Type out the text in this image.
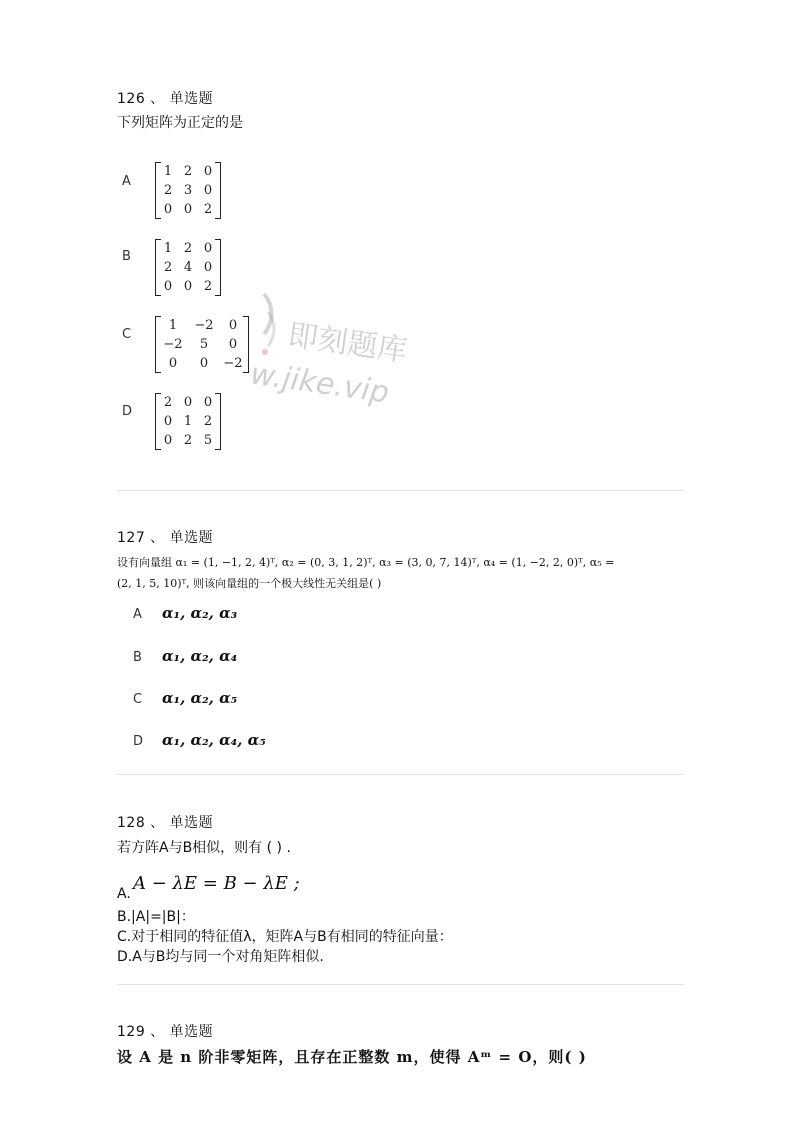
即刻题库
w.jike.vip
126 、 单选题
下列矩阵为正定的是
A
1 2 0
2 3 0
0 0 2
B
1 2 0
2 4 0
0 0 2
C
1	−2	0
−2	5	0
0	0	−2
D
2 0 0
0 1 2
0 2 5
127 、 单选题
设有向量组 α₁ = (1, −1, 2, 4)ᵀ, α₂ = (0, 3, 1, 2)ᵀ, α₃ = (3, 0, 7, 14)ᵀ, α₄ = (1, −2, 2, 0)ᵀ, α₅ =
(2, 1, 5, 10)ᵀ, 则该向量组的一个极大线性无关组是( )
A α₁, α₂, α₃
B α₁, α₂, α₄
C α₁, α₂, α₅
D α₁, α₂, α₄, α₅
128 、 单选题
若方阵A与B相似，则有 ( ) .
A. A − λE = B − λE ;
B.|A|=|B|：
C.对于相同的特征值λ，矩阵A与B有相同的特征向量：
D.A与B均与同一个对角矩阵相似.
129 、 单选题
设 A 是 n 阶非零矩阵，且存在正整数 m，使得 Aᵐ = O，则( )
